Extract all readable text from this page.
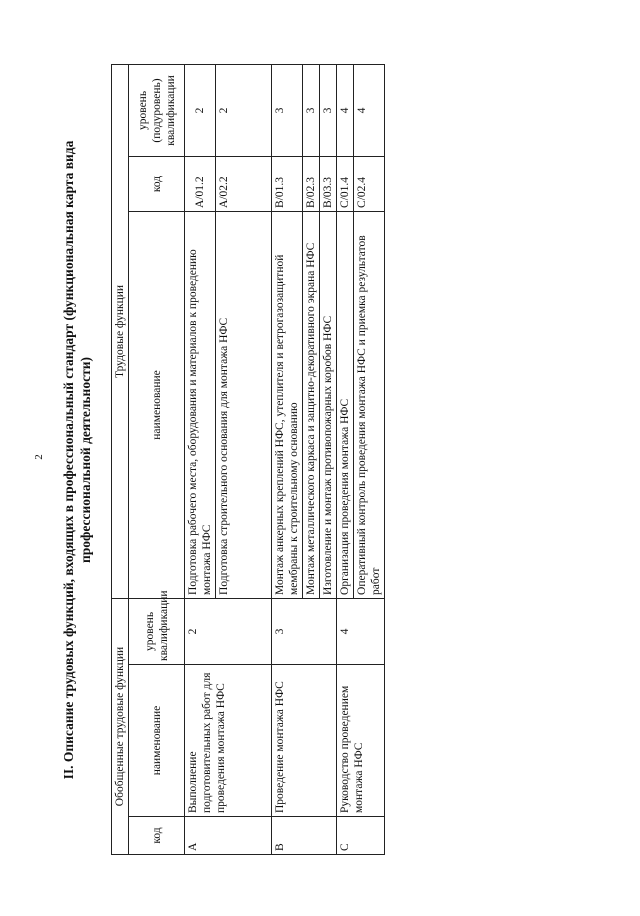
2 II. Описание трудовых функций, входящих в профессиональный стандарт (функциональная карта вида профессиональной деятельности)
Обобщенные трудовые функции			Трудовые функции		
код	наименование	уровень квалификации	наименование	код	уровень (подуровень) квалификации
A	Выполнение подготовительных работ для проведения монтажа НФС	2	Подготовка рабочего места, оборудования и материалов к проведению монтажа НФС	A/01.2	2
			Подготовка строительного основания для монтажа НФС	A/02.2	2
B	Проведение монтажа НФС	3	Монтаж анкерных креплений НФС, утеплителя и ветрогазозащитной мембраны к строительному основанию	B/01.3	3
			Монтаж металлического каркаса и защитно-декоративного экрана НФС	B/02.3	3
			Изготовление и монтаж противопожарных коробов НФС	B/03.3	3
C	Руководство проведением монтажа НФС	4	Организация проведения монтажа НФС	C/01.4	4
			Оперативный контроль проведения монтажа НФС и приемка результатов работ	C/02.4	4
